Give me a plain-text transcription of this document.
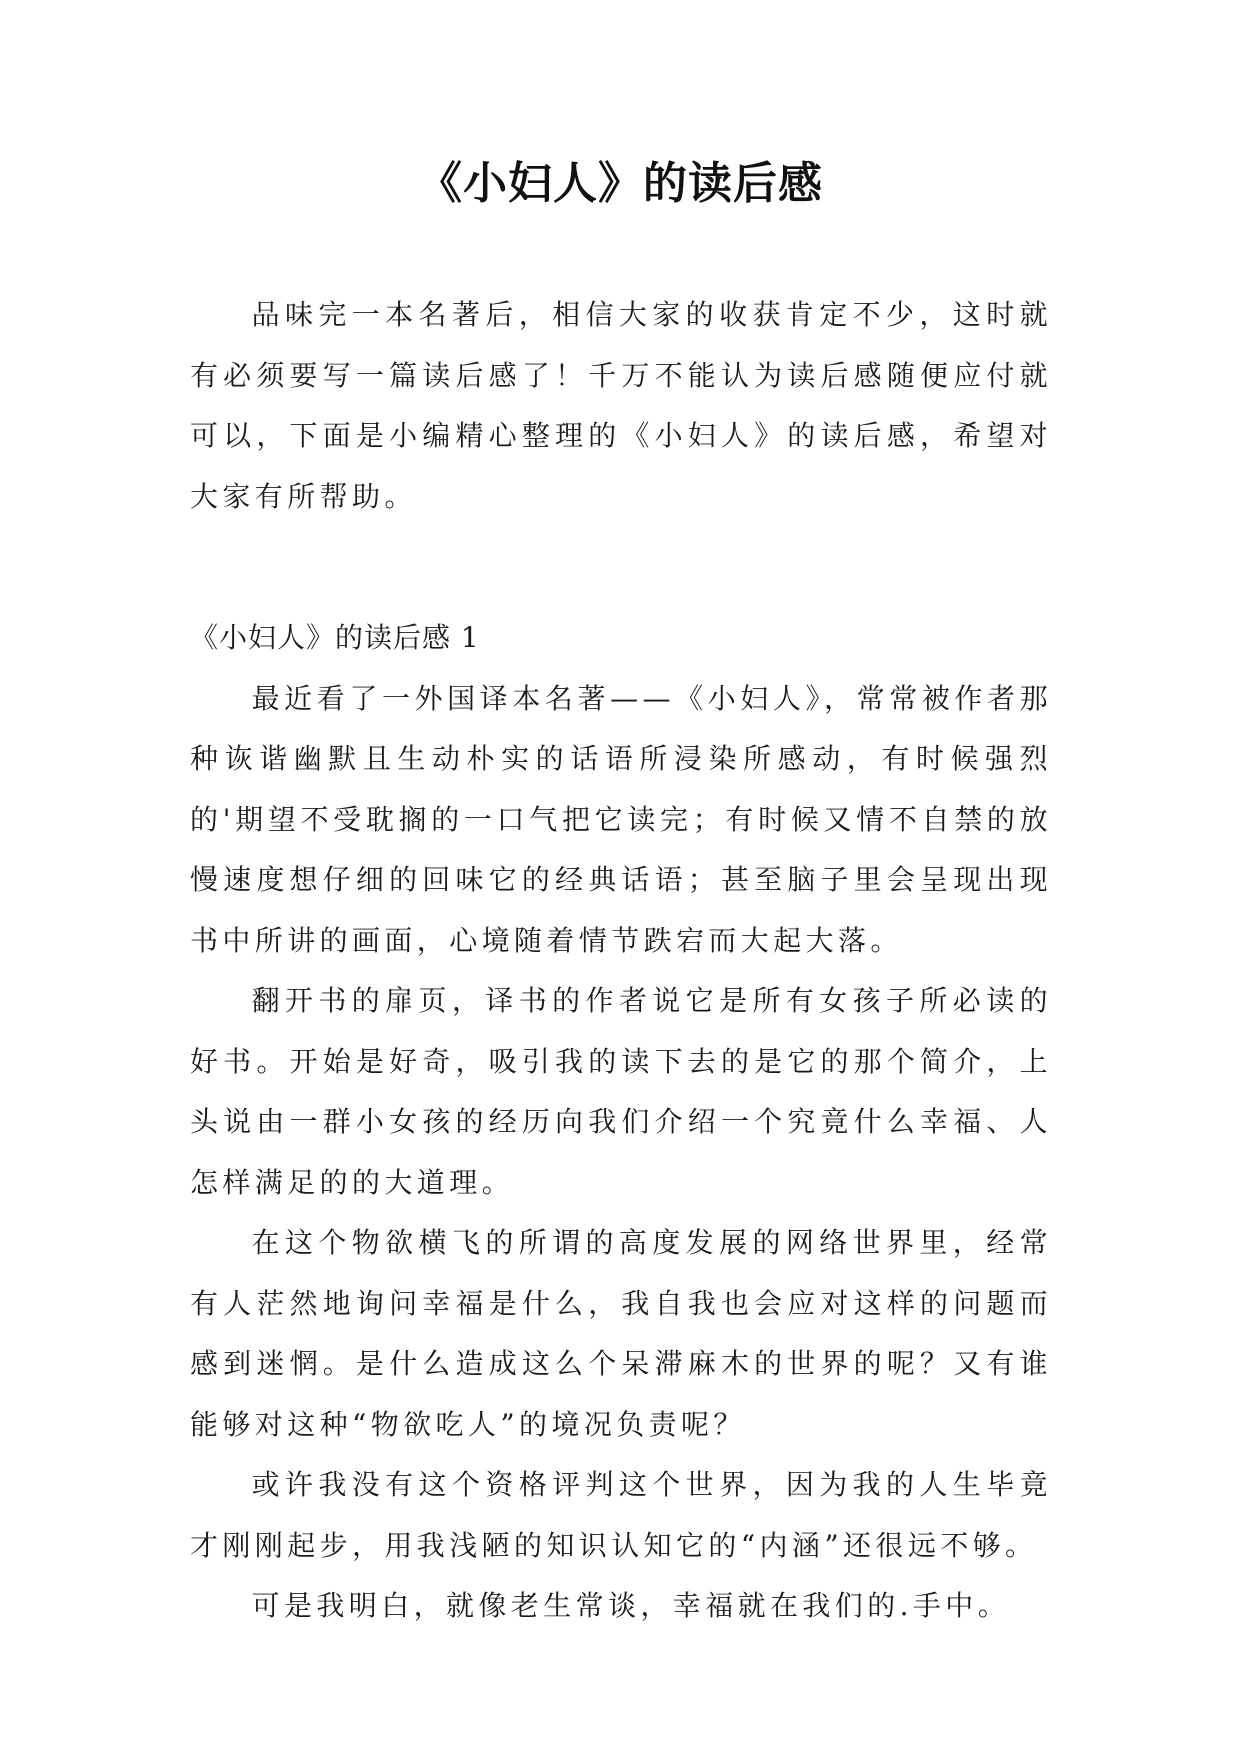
《小妇人》的读后感

品味完一本名著后，相信大家的收获肯定不少，这时就有必须要写一篇读后感了！千万不能认为读后感随便应付就可以，下面是小编精心整理的《小妇人》的读后感，希望对大家有所帮助。

《小妇人》的读后感 1

最近看了一外国译本名著——《小妇人》，常常被作者那种诙谐幽默且生动朴实的话语所浸染所感动，有时候强烈的'期望不受耽搁的一口气把它读完；有时候又情不自禁的放慢速度想仔细的回味它的经典话语；甚至脑子里会呈现出现书中所讲的画面，心境随着情节跌宕而大起大落。

翻开书的扉页，译书的作者说它是所有女孩子所必读的好书。开始是好奇，吸引我的读下去的是它的那个简介，上头说由一群小女孩的经历向我们介绍一个究竟什么幸福、人怎样满足的的大道理。

在这个物欲横飞的所谓的高度发展的网络世界里，经常有人茫然地询问幸福是什么，我自我也会应对这样的问题而感到迷惘。是什么造成这么个呆滞麻木的世界的呢？又有谁能够对这种“物欲吃人”的境况负责呢？

或许我没有这个资格评判这个世界，因为我的人生毕竟才刚刚起步，用我浅陋的知识认知它的“内涵”还很远不够。

可是我明白，就像老生常谈，幸福就在我们的.手中。
